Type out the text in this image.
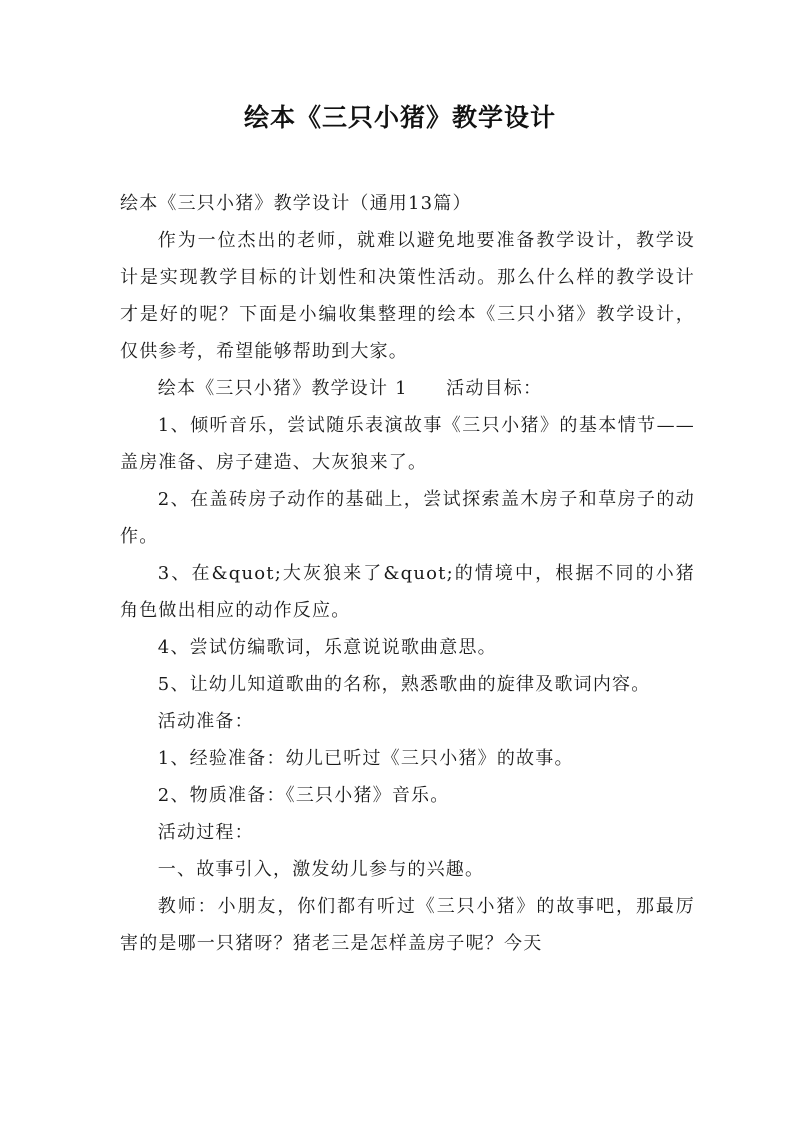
绘本《三只小猪》教学设计

绘本《三只小猪》教学设计（通用13篇）

作为一位杰出的老师，就难以避免地要准备教学设计，教学设计是实现教学目标的计划性和决策性活动。那么什么样的教学设计才是好的呢？下面是小编收集整理的绘本《三只小猪》教学设计，仅供参考，希望能够帮助到大家。

绘本《三只小猪》教学设计 1　　活动目标：

1、倾听音乐，尝试随乐表演故事《三只小猪》的基本情节——盖房准备、房子建造、大灰狼来了。

2、在盖砖房子动作的基础上，尝试探索盖木房子和草房子的动作。

3、在&quot;大灰狼来了&quot;的情境中，根据不同的小猪角色做出相应的动作反应。

4、尝试仿编歌词，乐意说说歌曲意思。

5、让幼儿知道歌曲的名称，熟悉歌曲的旋律及歌词内容。

活动准备：

1、经验准备：幼儿已听过《三只小猪》的故事。

2、物质准备：《三只小猪》音乐。

活动过程：

一、故事引入，激发幼儿参与的兴趣。

教师：小朋友，你们都有听过《三只小猪》的故事吧，那最厉害的是哪一只猪呀？猪老三是怎样盖房子呢？今天
